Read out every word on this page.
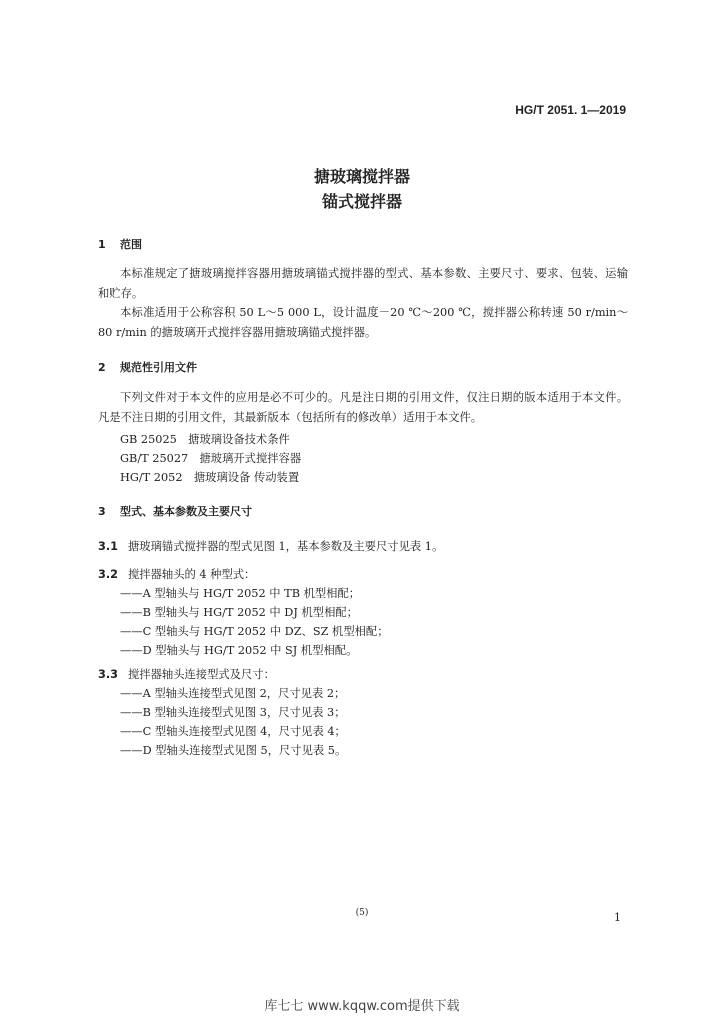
HG/T 2051. 1—2019
搪玻璃搅拌器
锚式搅拌器
1 范围

本标准规定了搪玻璃搅拌容器用搪玻璃锚式搅拌器的型式、基本参数、主要尺寸、要求、包装、运输和贮存。

本标准适用于公称容积 50 L～5 000 L，设计温度－20 ℃～200 ℃，搅拌器公称转速 50 r/min～80 r/min 的搪玻璃开式搅拌容器用搪玻璃锚式搅拌器。

2 规范性引用文件

下列文件对于本文件的应用是必不可少的。凡是注日期的引用文件，仅注日期的版本适用于本文件。凡是不注日期的引用文件，其最新版本（包括所有的修改单）适用于本文件。

GB 25025　搪玻璃设备技术条件
GB/T 25027　搪玻璃开式搅拌容器
HG/T 2052　搪玻璃设备 传动装置
3 型式、基本参数及主要尺寸
3.1 搪玻璃锚式搅拌器的型式见图 1，基本参数及主要尺寸见表 1。
3.2 搅拌器轴头的 4 种型式：
——A 型轴头与 HG/T 2052 中 TB 机型相配；
——B 型轴头与 HG/T 2052 中 DJ 机型相配；
——C 型轴头与 HG/T 2052 中 DZ、SZ 机型相配；
——D 型轴头与 HG/T 2052 中 SJ 机型相配。
3.3 搅拌器轴头连接型式及尺寸：
——A 型轴头连接型式见图 2，尺寸见表 2；
——B 型轴头连接型式见图 3，尺寸见表 3；
——C 型轴头连接型式见图 4，尺寸见表 4；
——D 型轴头连接型式见图 5，尺寸见表 5。
(5)	1
库七七 www.kqqw.com提供下载
